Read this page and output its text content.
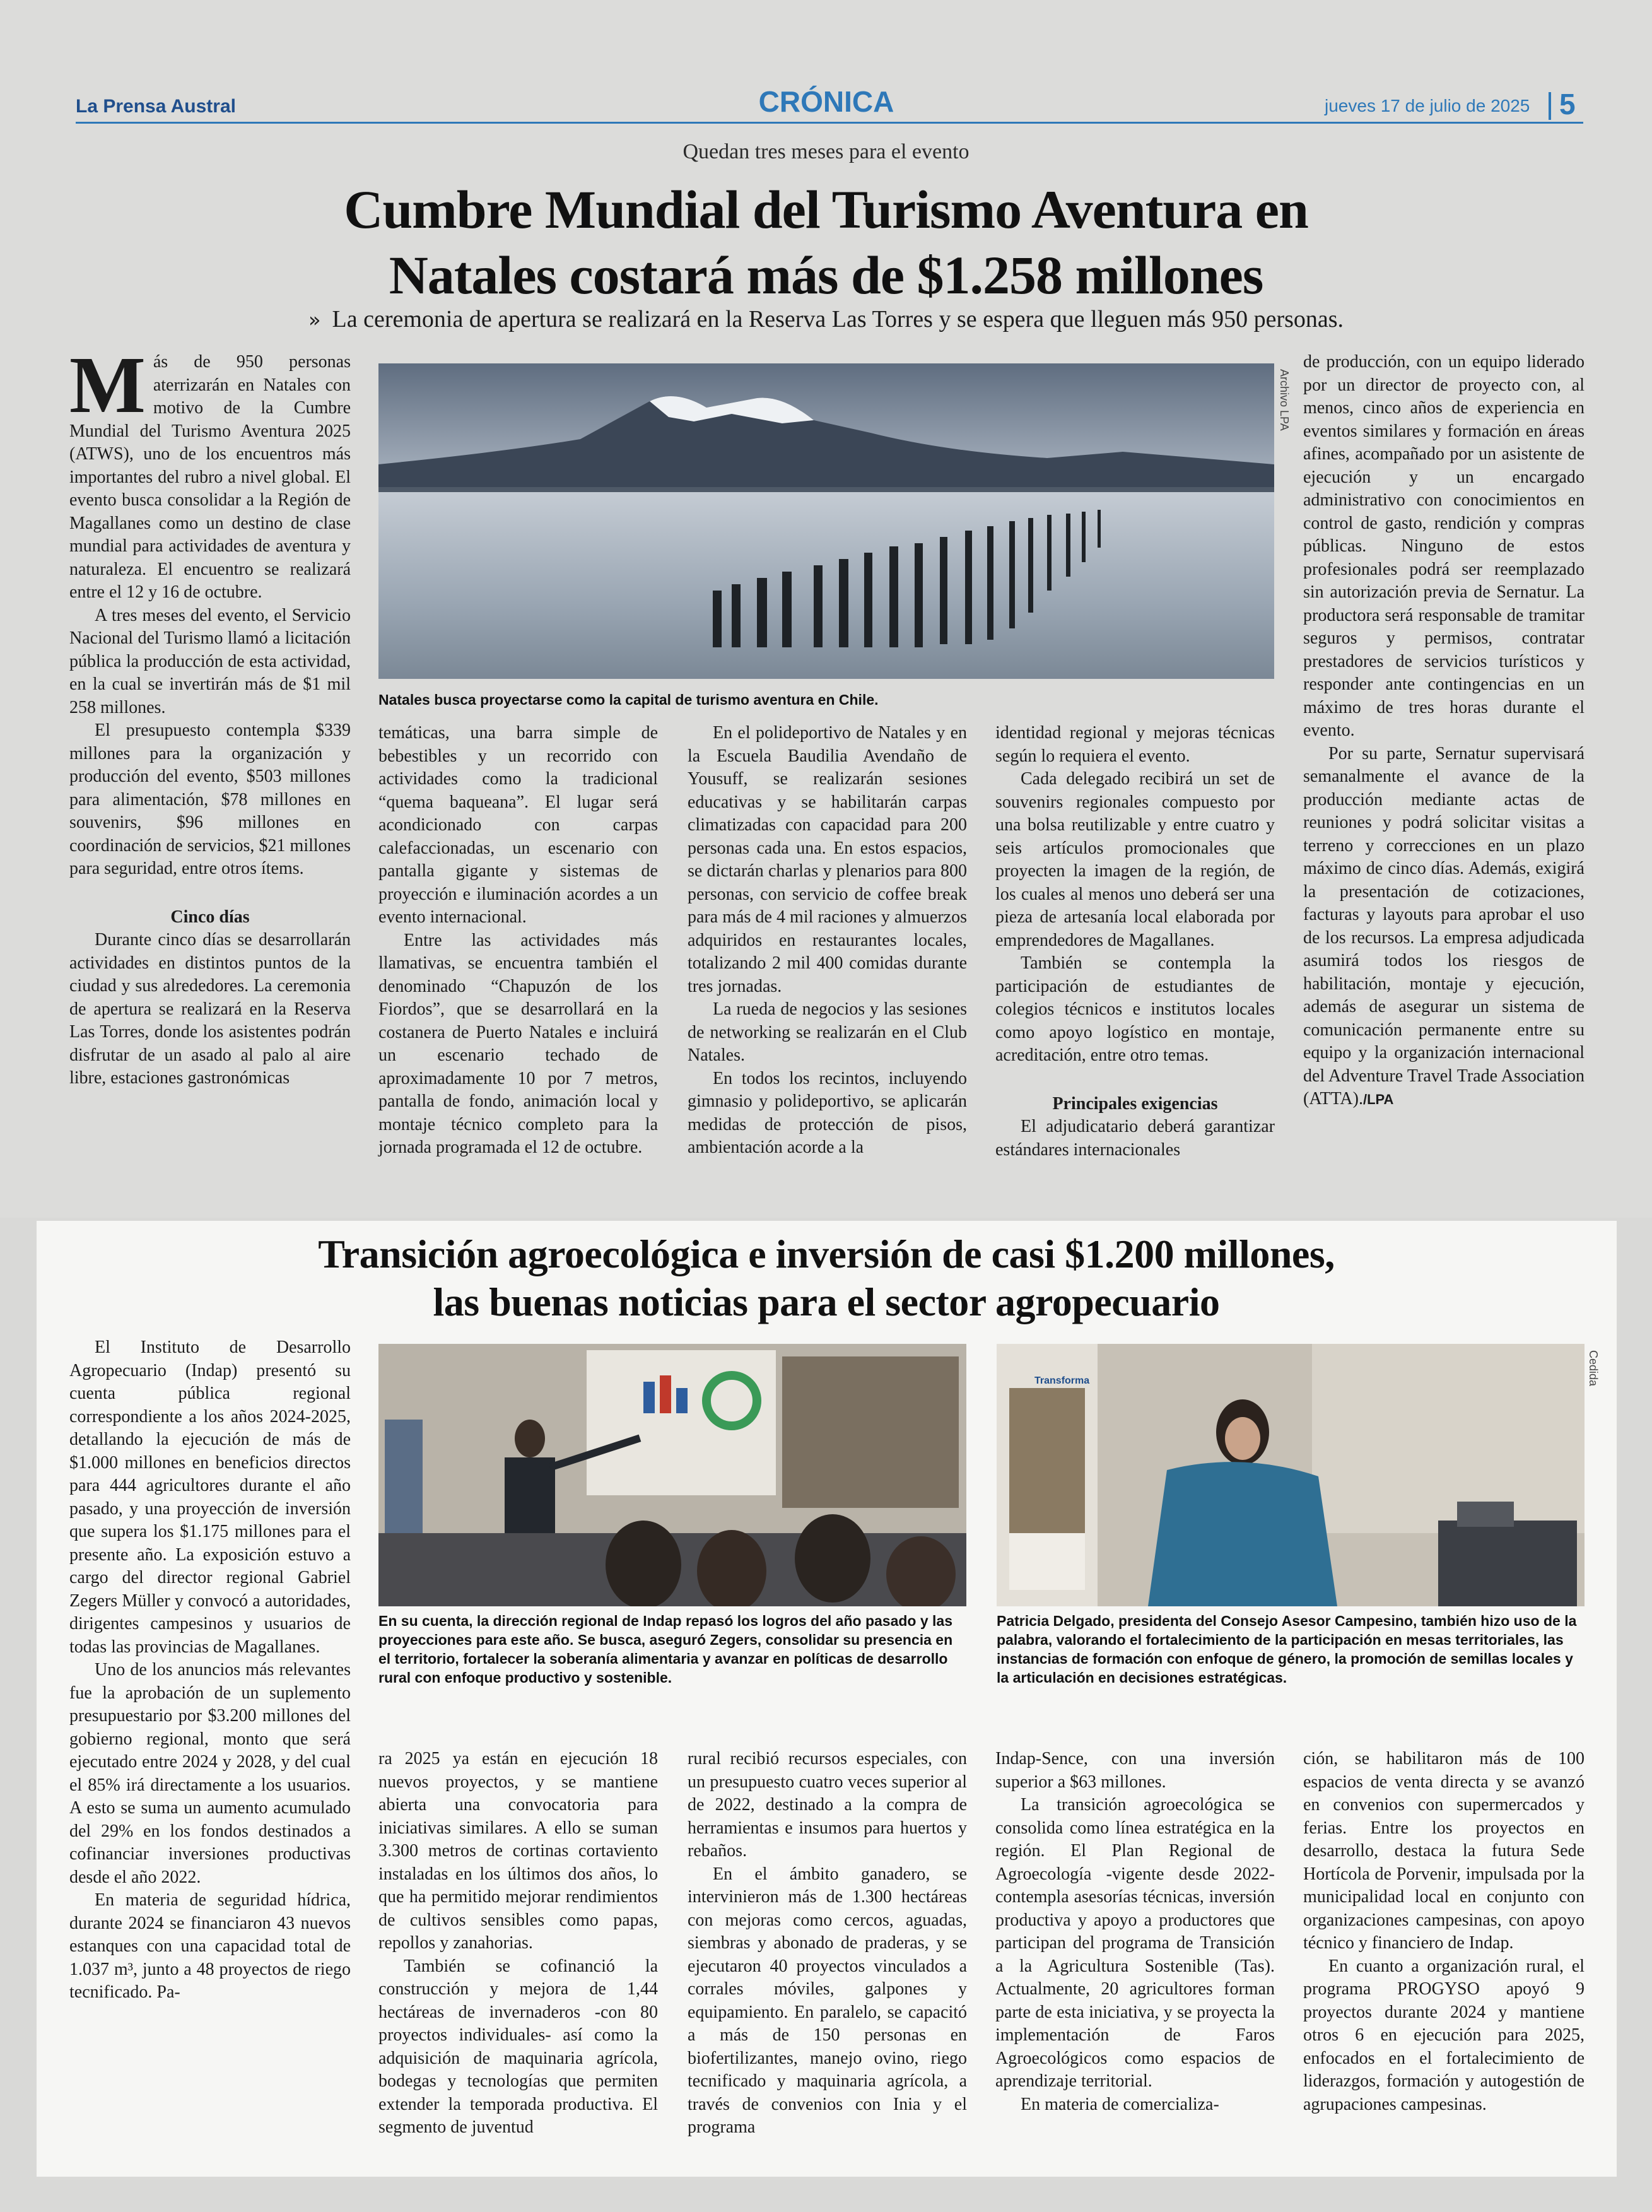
La Prensa Austral	CRÓNICA	jueves 17 de julio de 2025 5
Quedan tres meses para el evento
Cumbre Mundial del Turismo Aventura en
Natales costará más de $1.258 millones
» La ceremonia de apertura se realizará en la Reserva Las Torres y se espera que lleguen más 950 personas.
Archivo LPA
Natales busca proyectarse como la capital de turismo aventura en Chile.

Más de 950 personas aterrizarán en Natales con motivo de la Cumbre Mundial del Turismo Aventura 2025 (ATWS), uno de los encuentros más importantes del rubro a nivel global. El evento busca consolidar a la Región de Magallanes como un destino de clase mundial para actividades de aventura y naturaleza. El encuentro se realizará entre el 12 y 16 de octubre.

A tres meses del evento, el Servicio Nacional del Turismo llamó a licitación pública la producción de esta actividad, en la cual se invertirán más de $1 mil 258 millones.

El presupuesto contempla $339 millones para la organización y producción del evento, $503 millones para alimentación, $78 millones en souvenirs, $96 millones en coordinación de servicios, $21 millones para seguridad, entre otros ítems.

Cinco días

Durante cinco días se desarrollarán actividades en distintos puntos de la ciudad y sus alrededores. La ceremonia de apertura se realizará en la Reserva Las Torres, donde los asistentes podrán disfrutar de un asado al palo al aire libre, estaciones gastronómicas

temáticas, una barra simple de bebestibles y un recorrido con actividades como la tradicional “quema baqueana”. El lugar será acondicionado con carpas calefaccionadas, un escenario con pantalla gigante y sistemas de proyección e iluminación acordes a un evento internacional.

Entre las actividades más llamativas, se encuentra también el denominado “Chapuzón de los Fiordos”, que se desarrollará en la costanera de Puerto Natales e incluirá un escenario techado de aproximadamente 10 por 7 metros, pantalla de fondo, animación local y montaje técnico completo para la jornada programada el 12 de octubre.

En el polideportivo de Natales y en la Escuela Baudilia Avendaño de Yousuff, se realizarán sesiones educativas y se habilitarán carpas climatizadas con capacidad para 200 personas cada una. En estos espacios, se dictarán charlas y plenarios para 800 personas, con servicio de coffee break para más de 4 mil raciones y almuerzos adquiridos en restaurantes locales, totalizando 2 mil 400 comidas durante tres jornadas.

La rueda de negocios y las sesiones de networking se realizarán en el Club Natales.

En todos los recintos, incluyendo gimnasio y polideportivo, se aplicarán medidas de protección de pisos, ambientación acorde a la

identidad regional y mejoras técnicas según lo requiera el evento.

Cada delegado recibirá un set de souvenirs regionales compuesto por una bolsa reutilizable y entre cuatro y seis artículos promocionales que proyecten la imagen de la región, de los cuales al menos uno deberá ser una pieza de artesanía local elaborada por emprendedores de Magallanes.

También se contempla la participación de estudiantes de colegios técnicos e institutos locales como apoyo logístico en montaje, acreditación, entre otro temas.

Principales exigencias

El adjudicatario deberá garantizar estándares internacionales

de producción, con un equipo liderado por un director de proyecto con, al menos, cinco años de experiencia en eventos similares y formación en áreas afines, acompañado por un asistente de ejecución y un encargado administrativo con conocimientos en control de gasto, rendición y compras públicas. Ninguno de estos profesionales podrá ser reemplazado sin autorización previa de Sernatur. La productora será responsable de tramitar seguros y permisos, contratar prestadores de servicios turísticos y responder ante contingencias en un máximo de tres horas durante el evento.

Por su parte, Sernatur supervisará semanalmente el avance de la producción mediante actas de reuniones y podrá solicitar visitas a terreno y correcciones en un plazo máximo de cinco días. Además, exigirá la presentación de cotizaciones, facturas y layouts para aprobar el uso de los recursos. La empresa adjudicada asumirá todos los riesgos de habilitación, montaje y ejecución, además de asegurar un sistema de comunicación permanente entre su equipo y la organización internacional del Adventure Travel Trade Association (ATTA)./LPA

Transición agroecológica e inversión de casi $1.200 millones,
las buenas noticias para el sector agropecuario
Transforma	Cedida
En su cuenta, la dirección regional de Indap repasó los logros del año pasado y las proyecciones para este año. Se busca, aseguró Zegers, consolidar su presencia en el territorio, fortalecer la soberanía alimentaria y avanzar en políticas de desarrollo rural con enfoque productivo y sostenible.
Patricia Delgado, presidenta del Consejo Asesor Campesino, también hizo uso de la palabra, valorando el fortalecimiento de la participación en mesas territoriales, las instancias de formación con enfoque de género, la promoción de semillas locales y la articulación en decisiones estratégicas.

El Instituto de Desarrollo Agropecuario (Indap) presentó su cuenta pública regional correspondiente a los años 2024-2025, detallando la ejecución de más de $1.000 millones en beneficios directos para 444 agricultores durante el año pasado, y una proyección de inversión que supera los $1.175 millones para el presente año. La exposición estuvo a cargo del director regional Gabriel Zegers Müller y convocó a autoridades, dirigentes campesinos y usuarios de todas las provincias de Magallanes.

Uno de los anuncios más relevantes fue la aprobación de un suplemento presupuestario por $3.200 millones del gobierno regional, monto que será ejecutado entre 2024 y 2028, y del cual el 85% irá directamente a los usuarios. A esto se suma un aumento acumulado del 29% en los fondos destinados a cofinanciar inversiones productivas desde el año 2022.

En materia de seguridad hídrica, durante 2024 se financiaron 43 nuevos estanques con una capacidad total de 1.037 m³, junto a 48 proyectos de riego tecnificado. Pa-

ra 2025 ya están en ejecución 18 nuevos proyectos, y se mantiene abierta una convocatoria para iniciativas similares. A ello se suman 3.300 metros de cortinas cortaviento instaladas en los últimos dos años, lo que ha permitido mejorar rendimientos de cultivos sensibles como papas, repollos y zanahorias.

También se cofinanció la construcción y mejora de 1,44 hectáreas de invernaderos -con 80 proyectos individuales- así como la adquisición de maquinaria agrícola, bodegas y tecnologías que permiten extender la temporada productiva. El segmento de juventud

rural recibió recursos especiales, con un presupuesto cuatro veces superior al de 2022, destinado a la compra de herramientas e insumos para huertos y rebaños.

En el ámbito ganadero, se intervinieron más de 1.300 hectáreas con mejoras como cercos, aguadas, siembras y abonado de praderas, y se ejecutaron 40 proyectos vinculados a corrales móviles, galpones y equipamiento. En paralelo, se capacitó a más de 150 personas en biofertilizantes, manejo ovino, riego tecnificado y maquinaria agrícola, a través de convenios con Inia y el programa

Indap-Sence, con una inversión superior a $63 millones.

La transición agroecológica se consolida como línea estratégica en la región. El Plan Regional de Agroecología -vigente desde 2022- contempla asesorías técnicas, inversión productiva y apoyo a productores que participan del programa de Transición a la Agricultura Sostenible (Tas). Actualmente, 20 agricultores forman parte de esta iniciativa, y se proyecta la implementación de Faros Agroecológicos como espacios de aprendizaje territorial.

En materia de comercializa-

ción, se habilitaron más de 100 espacios de venta directa y se avanzó en convenios con supermercados y ferias. Entre los proyectos en desarrollo, destaca la futura Sede Hortícola de Porvenir, impulsada por la municipalidad local en conjunto con organizaciones campesinas, con apoyo técnico y financiero de Indap.

En cuanto a organización rural, el programa PROGYSO apoyó 9 proyectos durante 2024 y mantiene otros 6 en ejecución para 2025, enfocados en el fortalecimiento de liderazgos, formación y autogestión de agrupaciones campesinas.
